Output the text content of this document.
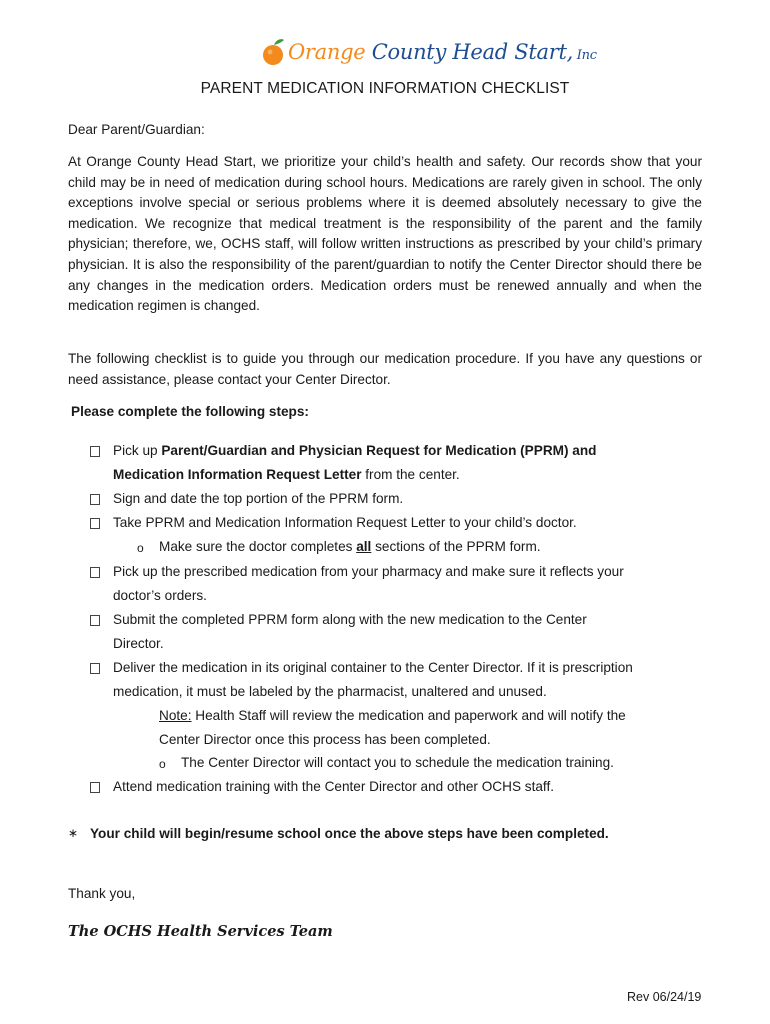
Orange County Head Start, Inc
PARENT MEDICATION INFORMATION CHECKLIST
Dear Parent/Guardian:
At Orange County Head Start, we prioritize your child’s health and safety. Our records show that your child may be in need of medication during school hours. Medications are rarely given in school. The only exceptions involve special or serious problems where it is deemed absolutely necessary to give the medication. We recognize that medical treatment is the responsibility of the parent and the family physician; therefore, we, OCHS staff, will follow written instructions as prescribed by your child’s primary physician. It is also the responsibility of the parent/guardian to notify the Center Director should there be any changes in the medication orders. Medication orders must be renewed annually and when the medication regimen is changed.
The following checklist is to guide you through our medication procedure. If you have any questions or need assistance, please contact your Center Director.
Please complete the following steps:
Pick up Parent/Guardian and Physician Request for Medication (PPRM) and
Medication Information Request Letter from the center.
Sign and date the top portion of the PPRM form.
Take PPRM and Medication Information Request Letter to your child’s doctor.
o Make sure the doctor completes all sections of the PPRM form.
Pick up the prescribed medication from your pharmacy and make sure it reflects your
doctor’s orders.
Submit the completed PPRM form along with the new medication to the Center
Director.
Deliver the medication in its original container to the Center Director. If it is prescription
medication, it must be labeled by the pharmacist, unaltered and unused.
Note: Health Staff will review the medication and paperwork and will notify the
Center Director once this process has been completed.
o The Center Director will contact you to schedule the medication training.
Attend medication training with the Center Director and other OCHS staff.
∗ Your child will begin/resume school once the above steps have been completed.
Thank you,
The OCHS Health Services Team
Rev 06/24/19
